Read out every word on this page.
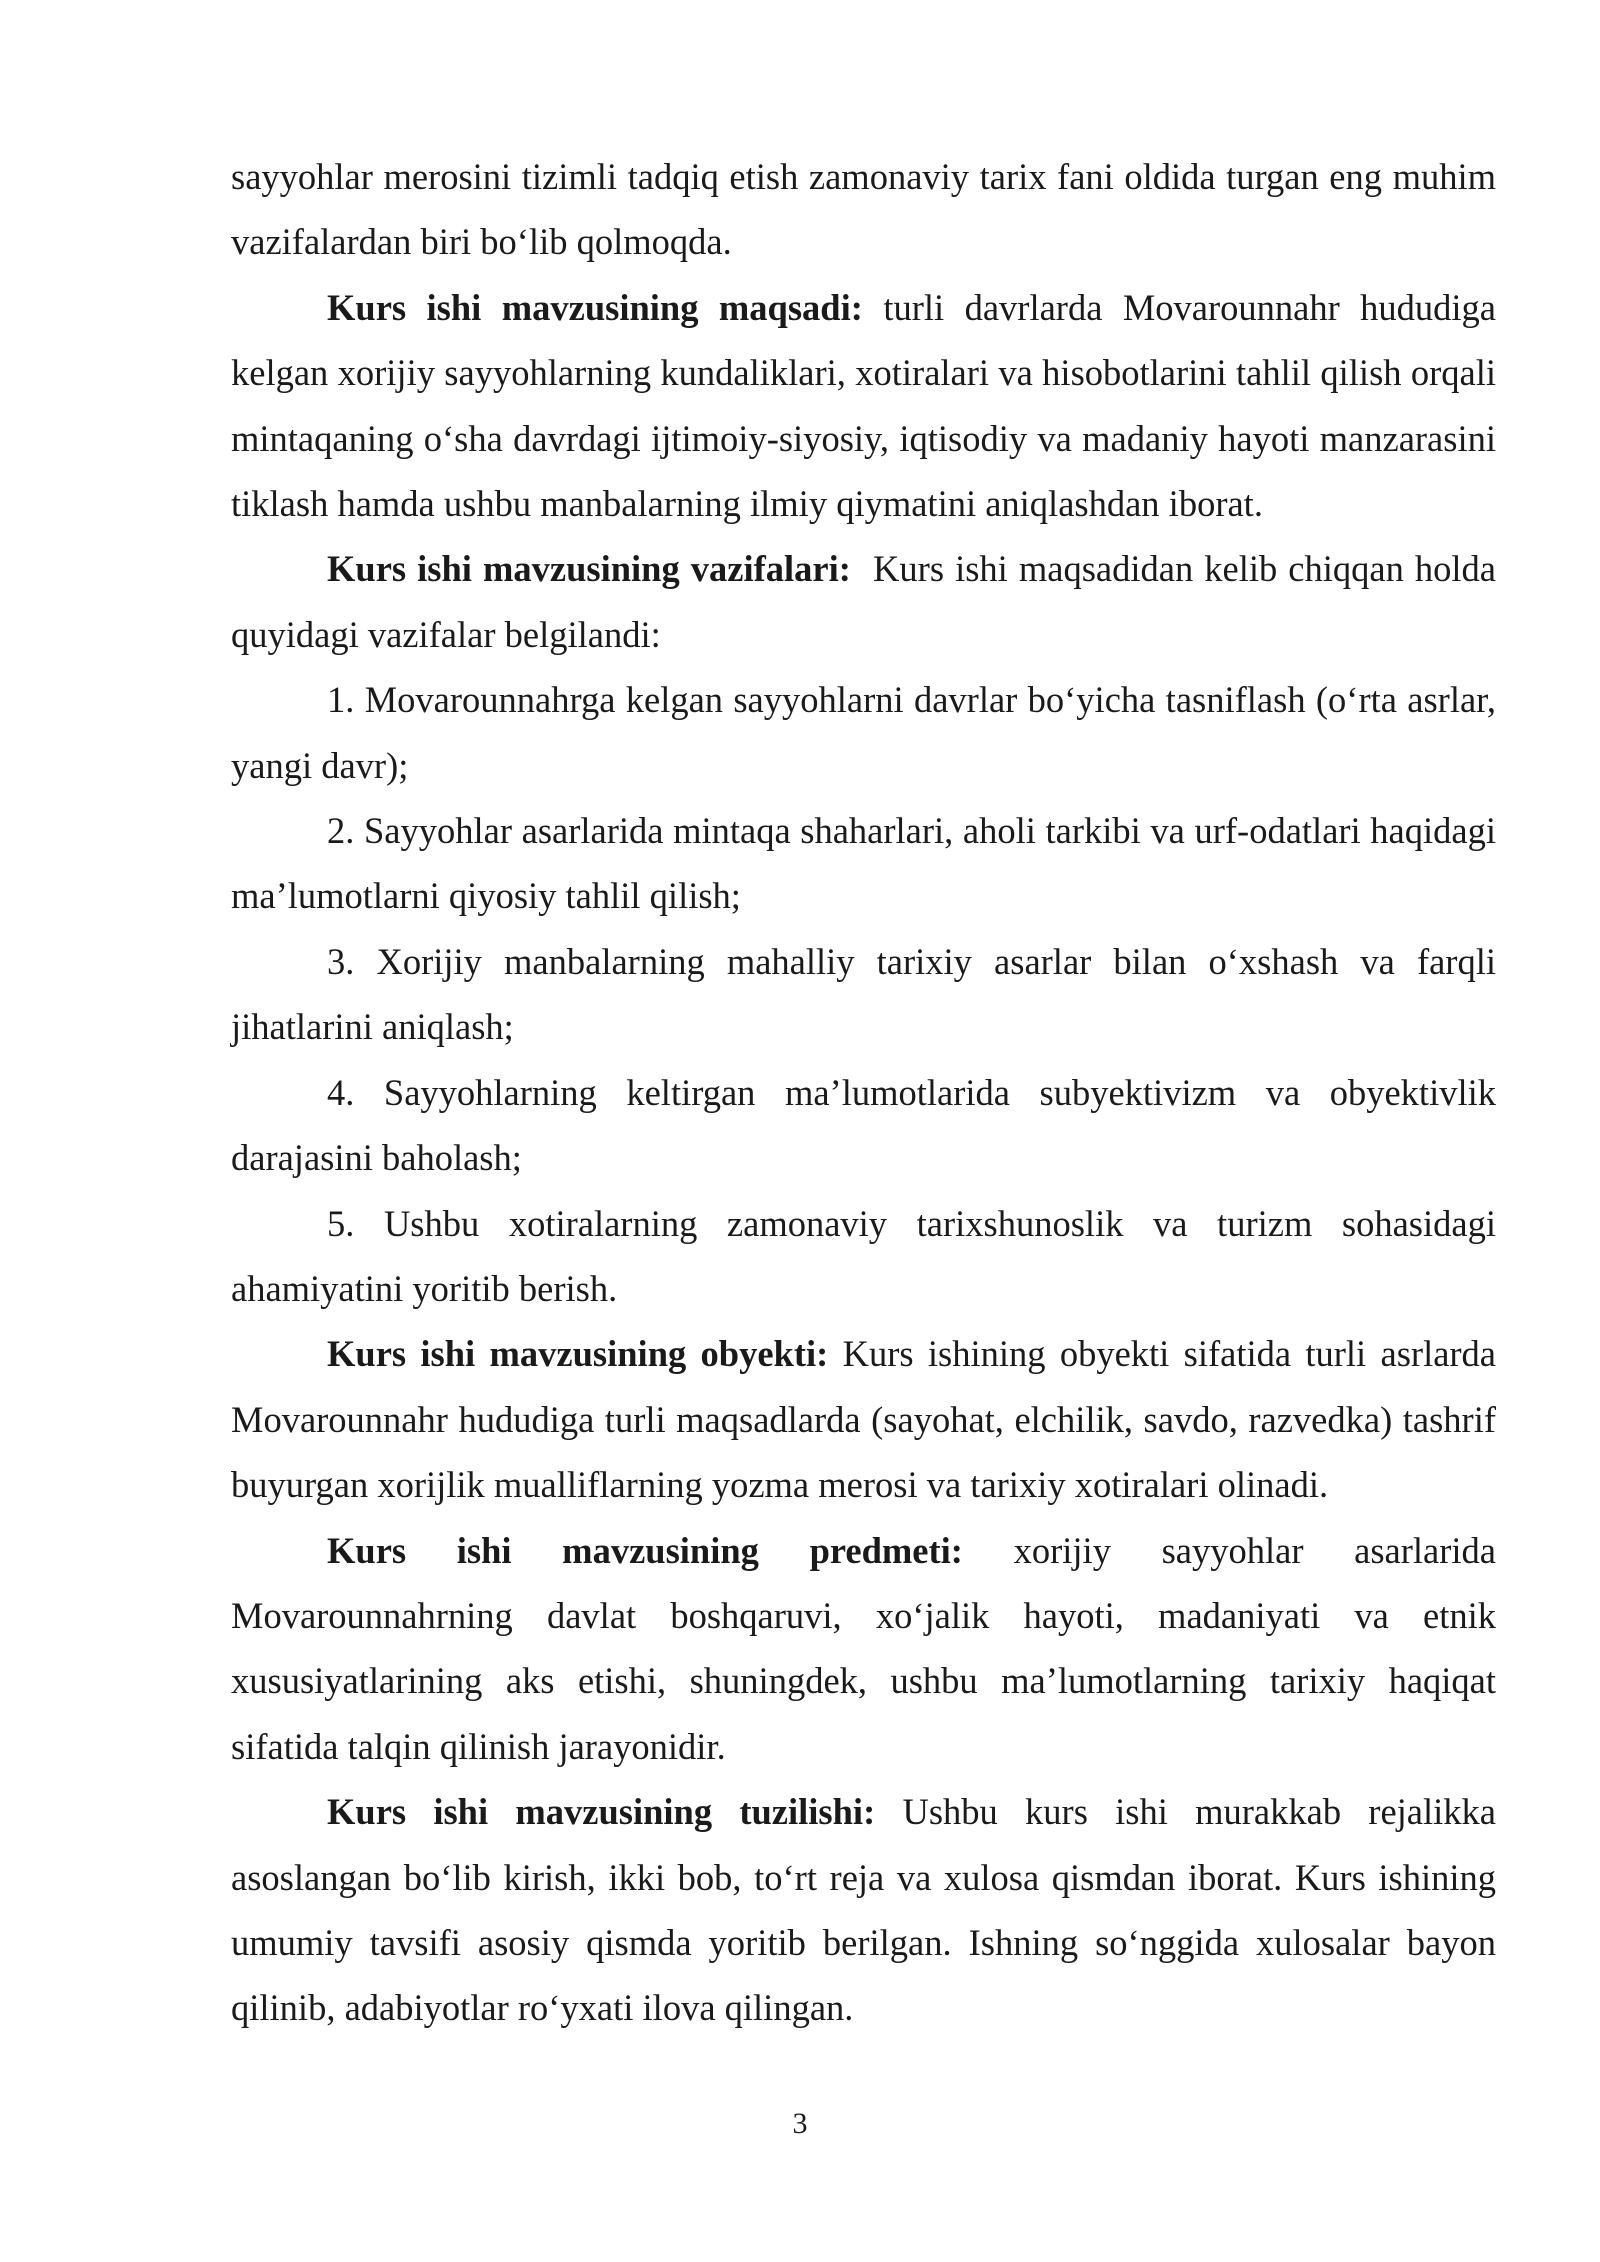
sayyohlar merosini tizimli tadqiq etish zamonaviy tarix fani oldida turgan eng muhim vazifalardan biri bo‘lib qolmoqda.

Kurs ishi mavzusining maqsadi: turli davrlarda Movarounnahr hududiga kelgan xorijiy sayyohlarning kundaliklari, xotiralari va hisobotlarini tahlil qilish orqali mintaqaning o‘sha davrdagi ijtimoiy-siyosiy, iqtisodiy va madaniy hayoti manzarasini tiklash hamda ushbu manbalarning ilmiy qiymatini aniqlashdan iborat.

Kurs ishi mavzusining vazifalari:  Kurs ishi maqsadidan kelib chiqqan holda quyidagi vazifalar belgilandi:

1. Movarounnahrga kelgan sayyohlarni davrlar bo‘yicha tasniflash (o‘rta asrlar, yangi davr);

2. Sayyohlar asarlarida mintaqa shaharlari, aholi tarkibi va urf-odatlari haqidagi ma’lumotlarni qiyosiy tahlil qilish;

3. Xorijiy manbalarning mahalliy tarixiy asarlar bilan o‘xshash va farqli jihatlarini aniqlash;

4. Sayyohlarning keltirgan ma’lumotlarida subyektivizm va obyektivlik darajasini baholash;

5. Ushbu xotiralarning zamonaviy tarixshunoslik va turizm sohasidagi ahamiyatini yoritib berish.

Kurs ishi mavzusining obyekti: Kurs ishining obyekti sifatida turli asrlarda Movarounnahr hududiga turli maqsadlarda (sayohat, elchilik, savdo, razvedka) tashrif buyurgan xorijlik mualliflarning yozma merosi va tarixiy xotiralari olinadi.

Kurs ishi mavzusining predmeti: xorijiy sayyohlar asarlarida Movarounnahrning davlat boshqaruvi, xo‘jalik hayoti, madaniyati va etnik xususiyatlarining aks etishi, shuningdek, ushbu ma’lumotlarning tarixiy haqiqat sifatida talqin qilinish jarayonidir.

Kurs ishi mavzusining tuzilishi: Ushbu kurs ishi murakkab rejalikka asoslangan bo‘lib kirish, ikki bob, to‘rt reja va xulosa qismdan iborat. Kurs ishining umumiy tavsifi asosiy qismda yoritib berilgan. Ishning so‘nggida xulosalar bayon qilinib, adabiyotlar ro‘yxati ilova qilingan.

3
